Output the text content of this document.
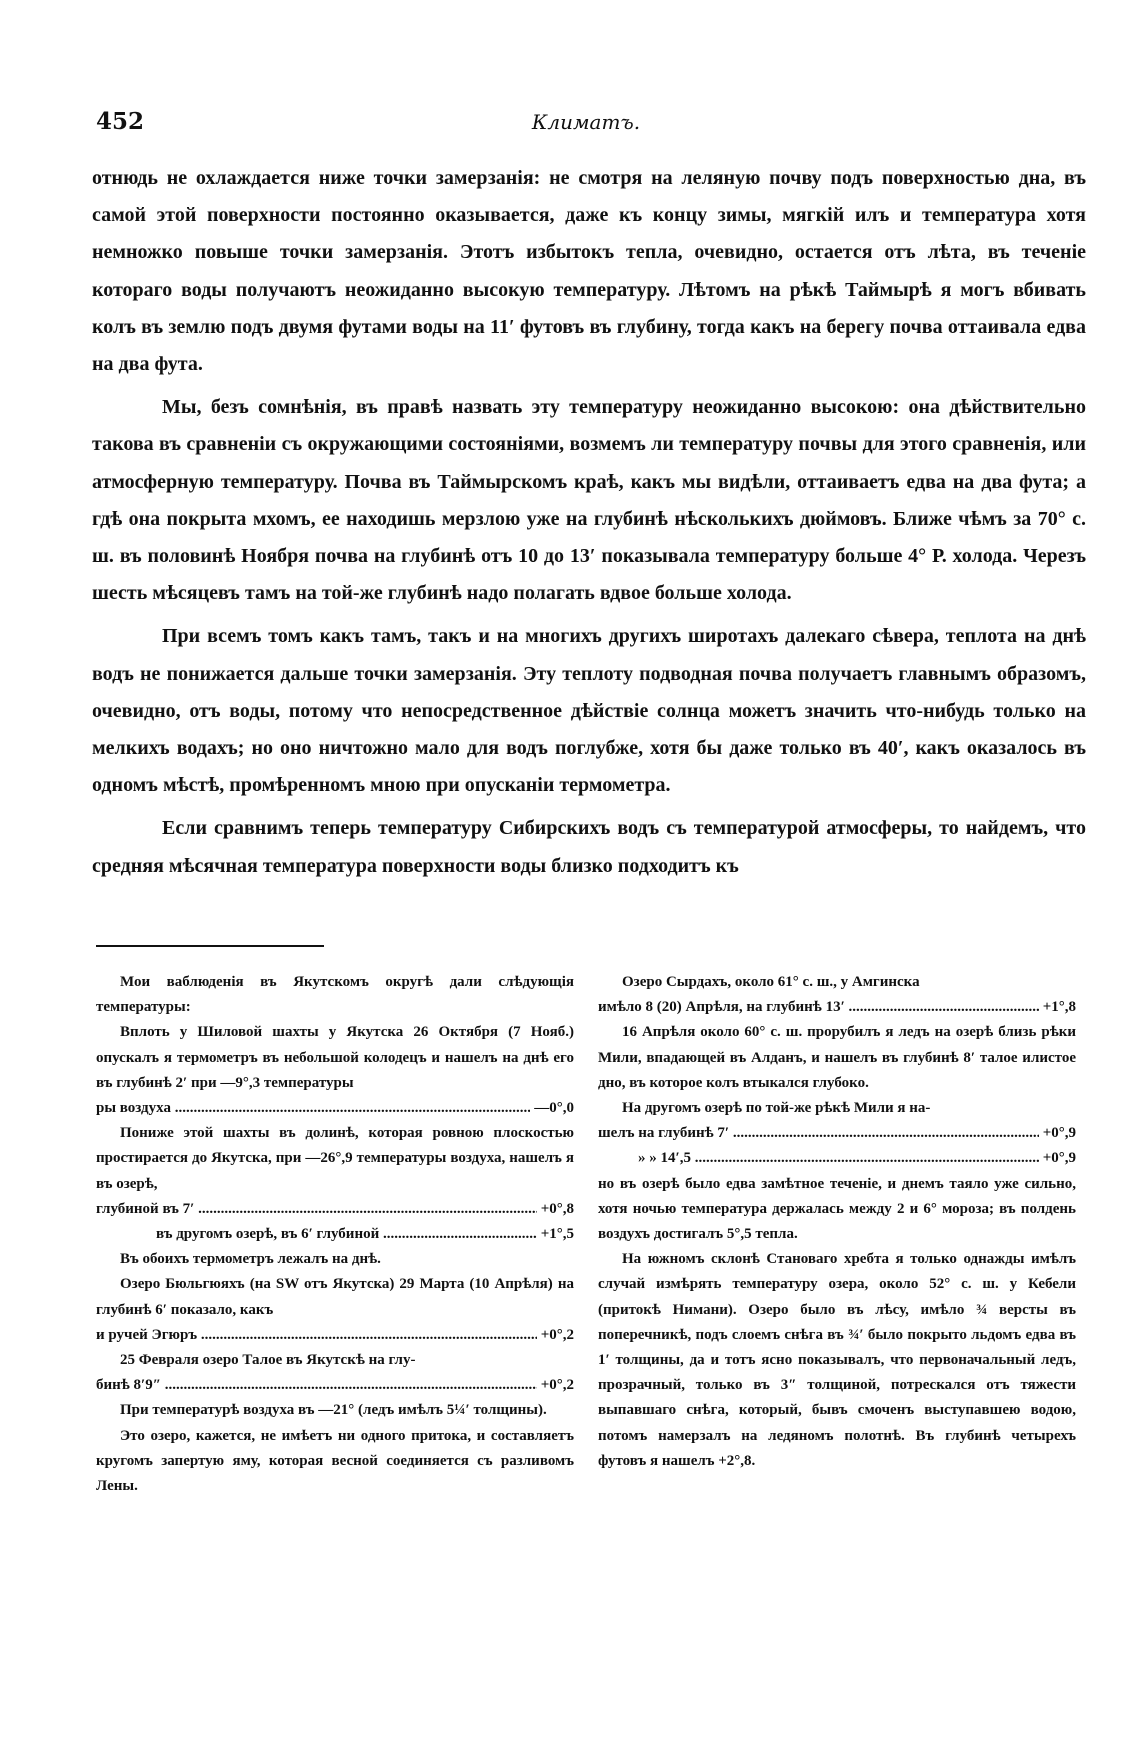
452	Климатъ.

отнюдь не охлаждается ниже точки замерзанія: не смотря на леляную почву подъ поверхностью дна, въ самой этой поверхности постоянно оказывается, даже къ концу зимы, мягкій илъ и температура хотя немножко повыше точки замерзанія. Этотъ избытокъ тепла, очевидно, остается отъ лѣта, въ теченіе котораго воды получаютъ неожиданно высокую температуру. Лѣтомъ на рѣкѣ Таймырѣ я могъ вбивать колъ въ землю подъ двумя футами воды на 11′ футовъ въ глубину, тогда какъ на берегу почва оттаивала едва на два фута.

Мы, безъ сомнѣнія, въ правѣ назвать эту температуру неожиданно высокою: она дѣйствительно такова въ сравненіи съ окружающими состояніями, возмемъ ли температуру почвы для этого сравненія, или атмосферную температуру. Почва въ Таймырскомъ краѣ, какъ мы видѣли, оттаиваетъ едва на два фута; а гдѣ она покрыта мхомъ, ее находишь мерзлою уже на глубинѣ нѣсколькихъ дюймовъ. Ближе чѣмъ за 70° с. ш. въ половинѣ Ноября почва на глубинѣ отъ 10 до 13′ показывала температуру больше 4° Р. холода. Черезъ шесть мѣсяцевъ тамъ на той-же глубинѣ надо полагать вдвое больше холода.

При всемъ томъ какъ тамъ, такъ и на многихъ другихъ широтахъ далекаго сѣвера, теплота на днѣ водъ не понижается дальше точки замерзанія. Эту теплоту подводная почва получаетъ главнымъ образомъ, очевидно, отъ воды, потому что непосредственное дѣйствіе солнца можетъ значить что-нибудь только на мелкихъ водахъ; но оно ничтожно мало для водъ поглубже, хотя бы даже только въ 40′, какъ оказалось въ одномъ мѣстѣ, промѣренномъ мною при опусканіи термометра.

Если сравнимъ теперь температуру Сибирскихъ водъ съ температурой атмосферы, то найдемъ, что средняя мѣсячная температура поверхности воды близко подходитъ къ

Мои ваблюденія въ Якутскомъ округѣ дали слѣдующія температуры:

Вплоть у Шиловой шахты у Якутска 26 Октября (7 Нояб.) опускалъ я термометръ въ небольшой колодецъ и нашелъ на днѣ его въ глубинѣ 2′ при —9°,3 температуры

ры воздуха .....	—0°,0

Пониже этой шахты въ долинѣ, которая ровною плоскостью простирается до Якутска, при —26°,9 температуры воздуха, нашелъ я въ озерѣ,

глубиной въ 7′ .....	+0°,8
въ другомъ озерѣ, въ 6′ глубиной .....	+1°,5

Въ обоихъ термометръ лежалъ на днѣ.

Озеро Бюльгюяхъ (на SW отъ Якутска) 29 Марта (10 Апрѣля) на глубинѣ 6′ показало, какъ

и ручей Эгюръ .....	+0°,2

25 Февраля озеро Талое въ Якутскѣ на глу-

бинѣ 8′9″ .....	+0°,2

При температурѣ воздуха въ —21° (ледъ имѣлъ 5¼′ толщины).

Это озеро, кажется, не имѣетъ ни одного притока, и составляетъ кругомъ запертую яму, которая весной соединяется съ разливомъ Лены.

Озеро Сырдахъ, около 61° с. ш., у Амгинска

имѣло 8 (20) Апрѣля, на глубинѣ 13′ .....	+1°,8

16 Апрѣля около 60° с. ш. прорубилъ я ледъ на озерѣ близь рѣки Мили, впадающей въ Алданъ, и нашелъ въ глубинѣ 8′ талое илистое дно, въ которое колъ втыкался глубоко.

На другомъ озерѣ по той-же рѣкѣ Мили я на-

шелъ на глубинѣ 7′ .....	+0°,9
» » 14′,5 .....	+0°,9

но въ озерѣ было едва замѣтное теченіе, и днемъ таяло уже сильно, хотя ночью температура держалась между 2 и 6° мороза; въ полдень воздухъ достигалъ 5°,5 тепла.

На южномъ склонѣ Становаго хребта я только однажды имѣлъ случай измѣрять температуру озера, около 52° с. ш. у Кебели (притокѣ Нимани). Озеро было въ лѣсу, имѣло ¾ версты въ поперечникѣ, подъ слоемъ снѣга въ ¾′ было покрыто льдомъ едва въ 1′ толщины, да и тотъ ясно показывалъ, что первоначальный ледъ, прозрачный, только въ 3″ толщиной, потрескался отъ тяжести выпавшаго снѣга, который, бывъ смоченъ выступавшею водою, потомъ намерзалъ на ледяномъ полотнѣ. Въ глубинѣ четырехъ футовъ я нашелъ +2°,8.
